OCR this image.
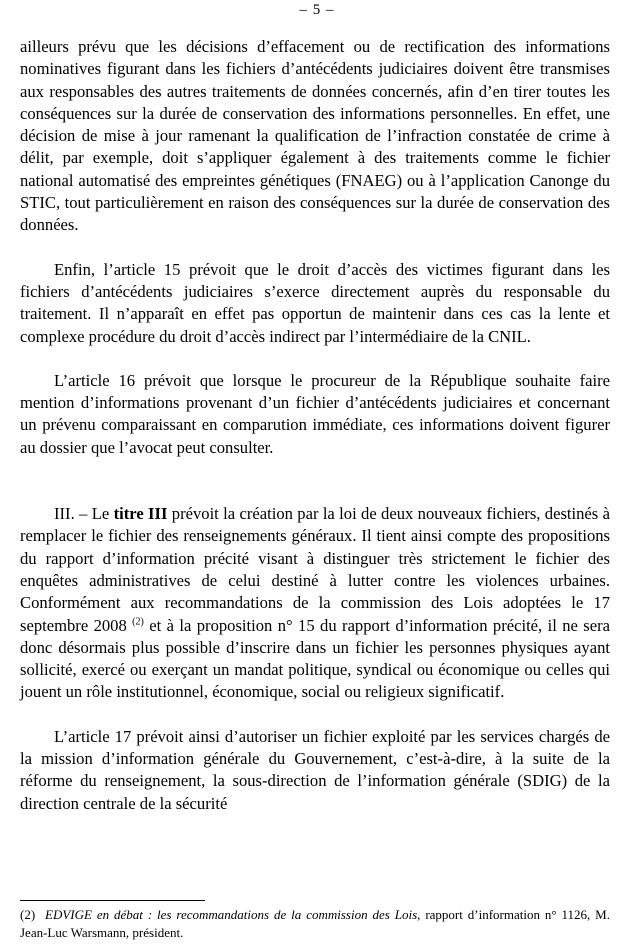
– 5 –

ailleurs prévu que les décisions d’effacement ou de rectification des informations nominatives figurant dans les fichiers d’antécédents judiciaires doivent être transmises aux responsables des autres traitements de données concernés, afin d’en tirer toutes les conséquences sur la durée de conservation des informations personnelles. En effet, une décision de mise à jour ramenant la qualification de l’infraction constatée de crime à délit, par exemple, doit s’appliquer également à des traitements comme le fichier national automatisé des empreintes génétiques (FNAEG) ou à l’application Canonge du STIC, tout particulièrement en raison des conséquences sur la durée de conservation des données.

Enfin, l’article 15 prévoit que le droit d’accès des victimes figurant dans les fichiers d’antécédents judiciaires s’exerce directement auprès du responsable du traitement. Il n’apparaît en effet pas opportun de maintenir dans ces cas la lente et complexe procédure du droit d’accès indirect par l’intermédiaire de la CNIL.

L’article 16 prévoit que lorsque le procureur de la République souhaite faire mention d’informations provenant d’un fichier d’antécédents judiciaires et concernant un prévenu comparaissant en comparution immédiate, ces informations doivent figurer au dossier que l’avocat peut consulter.

III. – Le titre III prévoit la création par la loi de deux nouveaux fichiers, destinés à remplacer le fichier des renseignements généraux. Il tient ainsi compte des propositions du rapport d’information précité visant à distinguer très strictement le fichier des enquêtes administratives de celui destiné à lutter contre les violences urbaines. Conformément aux recommandations de la commission des Lois adoptées le 17 septembre 2008 $^{(2)}$ et à la proposition n° 15 du rapport d’information précité, il ne sera donc désormais plus possible d’inscrire dans un fichier les personnes physiques ayant sollicité, exercé ou exerçant un mandat politique, syndical ou économique ou celles qui jouent un rôle institutionnel, économique, social ou religieux significatif.

L’article 17 prévoit ainsi d’autoriser un fichier exploité par les services chargés de la mission d’information générale du Gouvernement, c’est-à-dire, à la suite de la réforme du renseignement, la sous-direction de l’information générale (SDIG) de la direction centrale de la sécurité

(2) EDVIGE en débat : les recommandations de la commission des Lois, rapport d’information n° 1126, M. Jean-Luc Warsmann, président.
